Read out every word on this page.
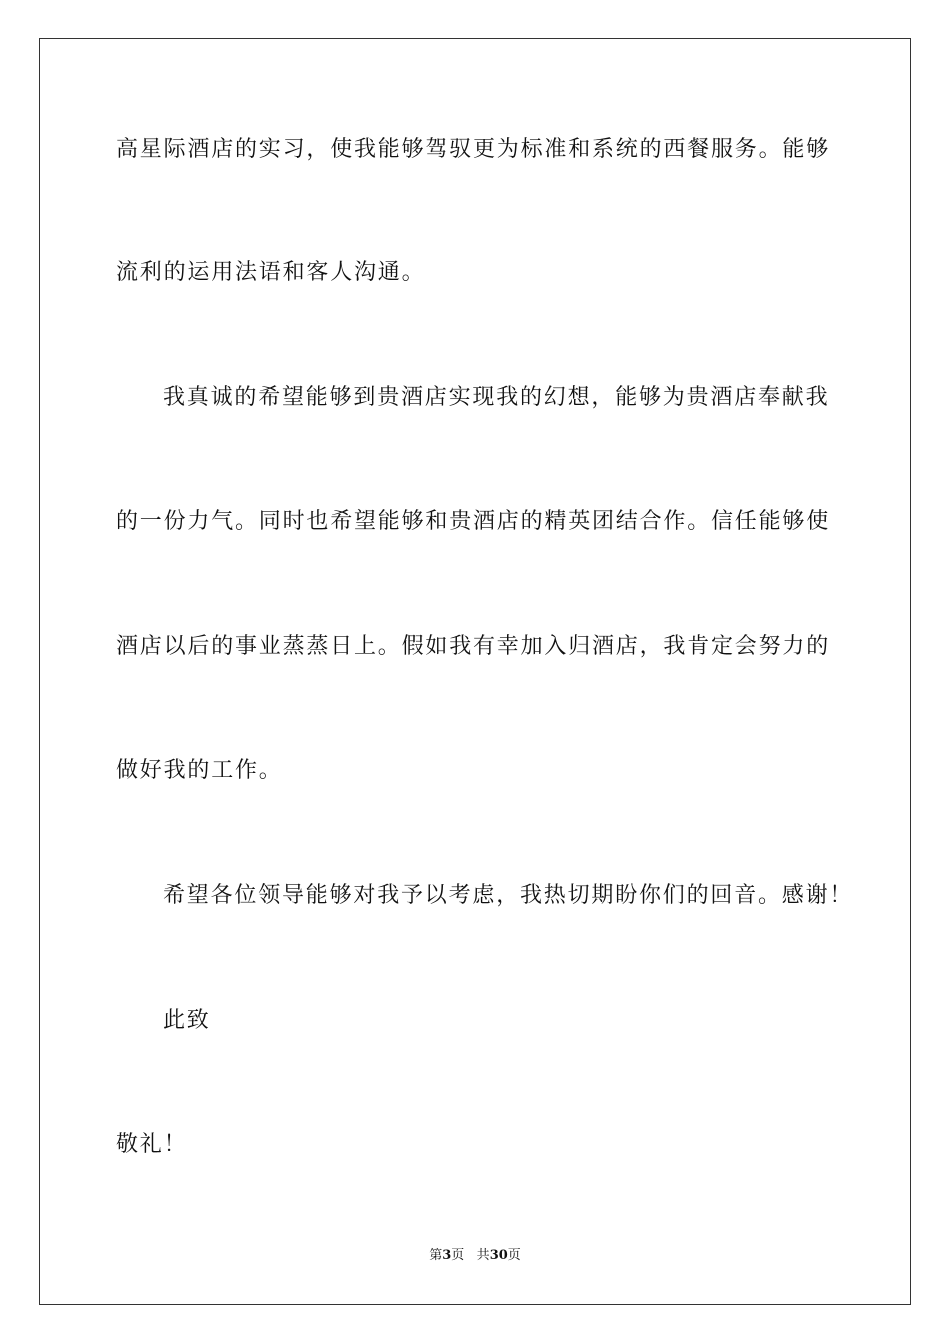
高星际酒店的实习，使我能够驾驭更为标准和系统的西餐服务。能够
流利的运用法语和客人沟通。
我真诚的希望能够到贵酒店实现我的幻想，能够为贵酒店奉献我
的一份力气。同时也希望能够和贵酒店的精英团结合作。信任能够使
酒店以后的事业蒸蒸日上。假如我有幸加入归酒店，我肯定会努力的
做好我的工作。
希望各位领导能够对我予以考虑，我热切期盼你们的回音。感谢！
此致
敬礼！
第3页 共30页
